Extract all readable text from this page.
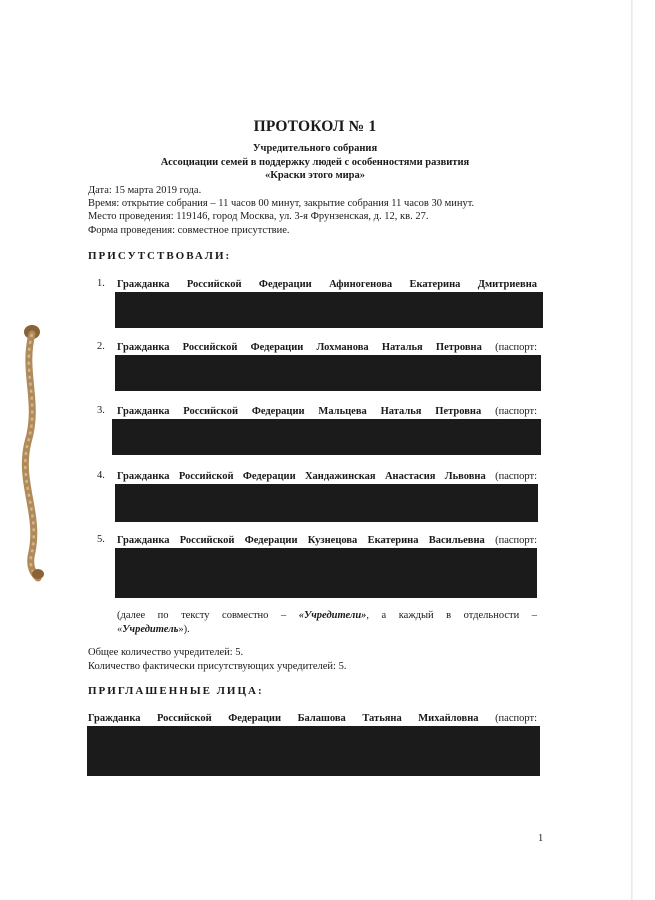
ПРОТОКОЛ № 1
Учредительного собрания
Ассоциации семей в поддержку людей с особенностями развития
«Краски этого мира»
Дата: 15 марта 2019 года.
Время: открытие собрания – 11 часов 00 минут, закрытие собрания 11 часов 30 минут.
Место проведения: 119146, город Москва, ул. 3-я Фрунзенская, д. 12, кв. 27.
Форма проведения: совместное присутствие.
ПРИСУТСТВОВАЛИ:
1. Гражданка Российской Федерации Афиногенова Екатерина Дмитриевна
2. Гражданка Российской Федерации Лохманова Наталья Петровна (паспорт:
3. Гражданка Российской Федерации Мальцева Наталья Петровна (паспорт:
4. Гражданка Российской Федерации Хандажинская Анастасия Львовна (паспорт:
5. Гражданка Российской Федерации Кузнецова Екатерина Васильевна (паспорт:
(далее по тексту совместно – «Учредители», а каждый в отдельности –
«Учредитель»).
Общее количество учредителей: 5.
Количество фактически присутствующих учредителей: 5.
ПРИГЛАШЕННЫЕ ЛИЦА:
Гражданка Российской Федерации Балашова Татьяна Михайловна (паспорт:
1
